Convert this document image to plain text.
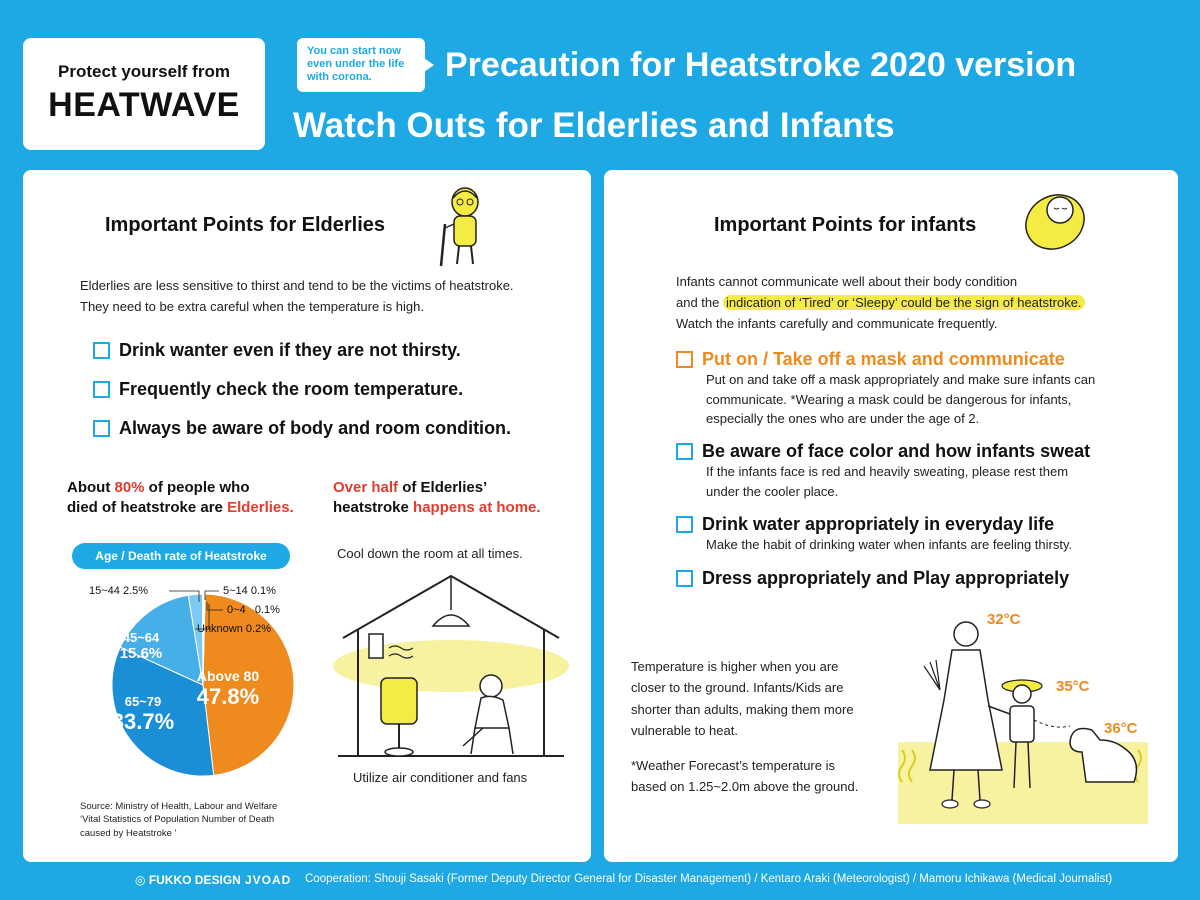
Protect yourself from
HEATWAVE
You can start now even under the life with corona.	Precaution for Heatstroke 2020 version
Watch Outs for Elderlies and Infants
Important Points for Elderlies
Elderlies are less sensitive to thirst and tend to be the victims of heatstroke.
They need to be extra careful when the temperature is high.
Drink wanter even if they are not thirsty.
Frequently check the room temperature.
Always be aware of body and room condition.
About 80% of people who
died of heatstroke are Elderlies.
Over half of Elderlies’
heatstroke happens at home.
Age / Death rate of Heatstroke
15~44 2.5%	5~14 0.1%
0~4 0.1%
Unknown 0.2%
Above 80
47.8%
65~79
33.7%
45~64
15.6%
Source: Ministry of Health, Labour and Welfare
‘Vital Statistics of Population Number of Death
caused by Heatstroke ’
Cool down the room at all times.
Utilize air conditioner and fans
Important Points for infants
Infants cannot communicate well about their body condition
and the indication of ‘Tired’ or ‘Sleepy’ could be the sign of heatstroke.
Watch the infants carefully and communicate frequently.
Put on / Take off a mask and communicate
Put on and take off a mask appropriately and make sure infants can
communicate. *Wearing a mask could be dangerous for infants,
especially the ones who are under the age of 2.
Be aware of face color and how infants sweat
If the infants face is red and heavily sweating, please rest them
under the cooler place.
Drink water appropriately in everyday life
Make the habit of drinking water when infants are feeling thirsty.
Dress appropriately and Play appropriately
Temperature is higher when you are
closer to the ground. Infants/Kids are
shorter than adults, making them more
vulnerable to heat.
*Weather Forecast’s temperature is
based on 1.25~2.0m above the ground.
32°C
35°C
36°C
◎ FUKKO DESIGN JVOAD Cooperation: Shouji Sasaki (Former Deputy Director General for Disaster Management) / Kentaro Araki (Meteorologist) / Mamoru Ichikawa (Medical Journalist)
